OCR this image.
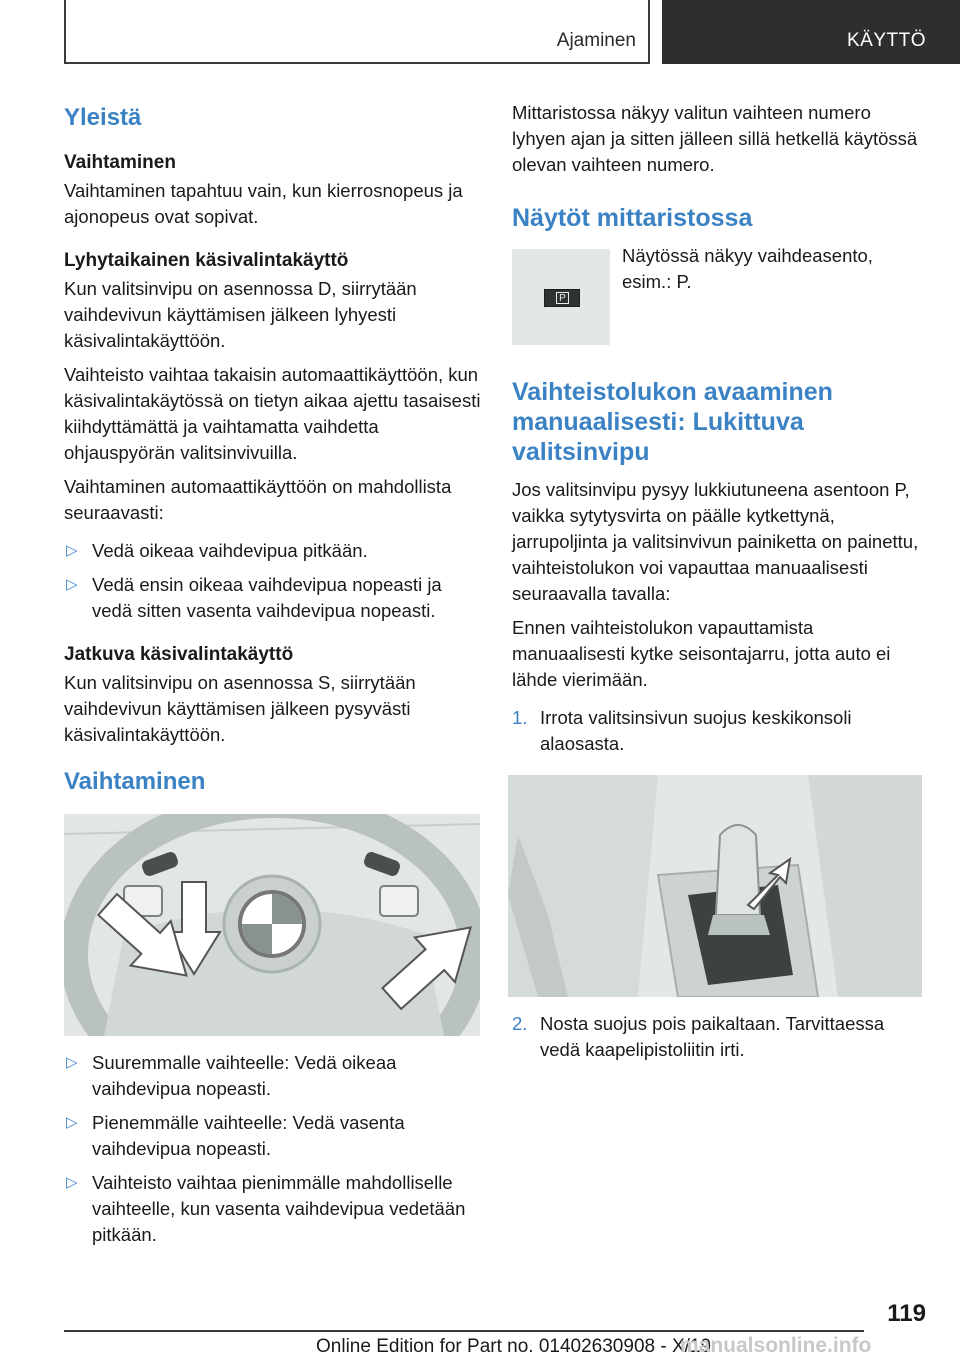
Ajaminen	KÄYTTÖ
Yleistä
Vaihtaminen

Vaihtaminen tapahtuu vain, kun kierrosnopeus ja ajonopeus ovat sopivat.

Lyhytaikainen käsivalintakäyttö

Kun valitsinvipu on asennossa D, siirrytään vaihdevivun käyttämisen jälkeen lyhyesti käsivalintakäyttöön.

Vaihteisto vaihtaa takaisin automaattikäyttöön, kun käsivalintakäytössä on tietyn aikaa ajettu tasaisesti kiihdyttämättä ja vaihtamatta vaihdetta ohjauspyörän valitsinvivuilla.

Vaihtaminen automaattikäyttöön on mahdollista seuraavasti:

▷ Vedä oikeaa vaihdevipua pitkään.
▷ Vedä ensin oikeaa vaihdevipua nopeasti ja vedä sitten vasenta vaihdevipua nopeasti.
Jatkuva käsivalintakäyttö

Kun valitsinvipu on asennossa S, siirrytään vaihdevivun käyttämisen jälkeen pysyvästi käsivalintakäyttöön.

Vaihtaminen
▷ Suuremmalle vaihteelle: Vedä oikeaa vaihdevipua nopeasti.
▷ Pienemmälle vaihteelle: Vedä vasenta vaihdevipua nopeasti.
▷ Vaihteisto vaihtaa pienimmälle mahdolliselle vaihteelle, kun vasenta vaihdevipua vedetään pitkään.

Mittaristossa näkyy valitun vaihteen numero lyhyen ajan ja sitten jälleen sillä hetkellä käytössä olevan vaihteen numero.

Näytöt mittaristossa
P

Näytössä näkyy vaihdeasento, esim.: P.

Vaihteistolukon avaaminen manuaalisesti: Lukittuva valitsinvipu

Jos valitsinvipu pysyy lukkiutuneena asentoon P, vaikka sytytysvirta on päälle kytkettynä, jarrupoljinta ja valitsinvivun painiketta on painettu, vaihteistolukon voi vapauttaa manuaalisesti seuraavalla tavalla:

Ennen vaihteistolukon vapauttamista manuaalisesti kytke seisontajarru, jotta auto ei lähde vierimään.

1. Irrota valitsinsivun suojus keskikonsoli alaosasta.
2. Nosta suojus pois paikaltaan. Tarvittaessa vedä kaapelipistoliitin irti.
119
Online Edition for Part no. 01402630908 - X/19
manualsonline.info
